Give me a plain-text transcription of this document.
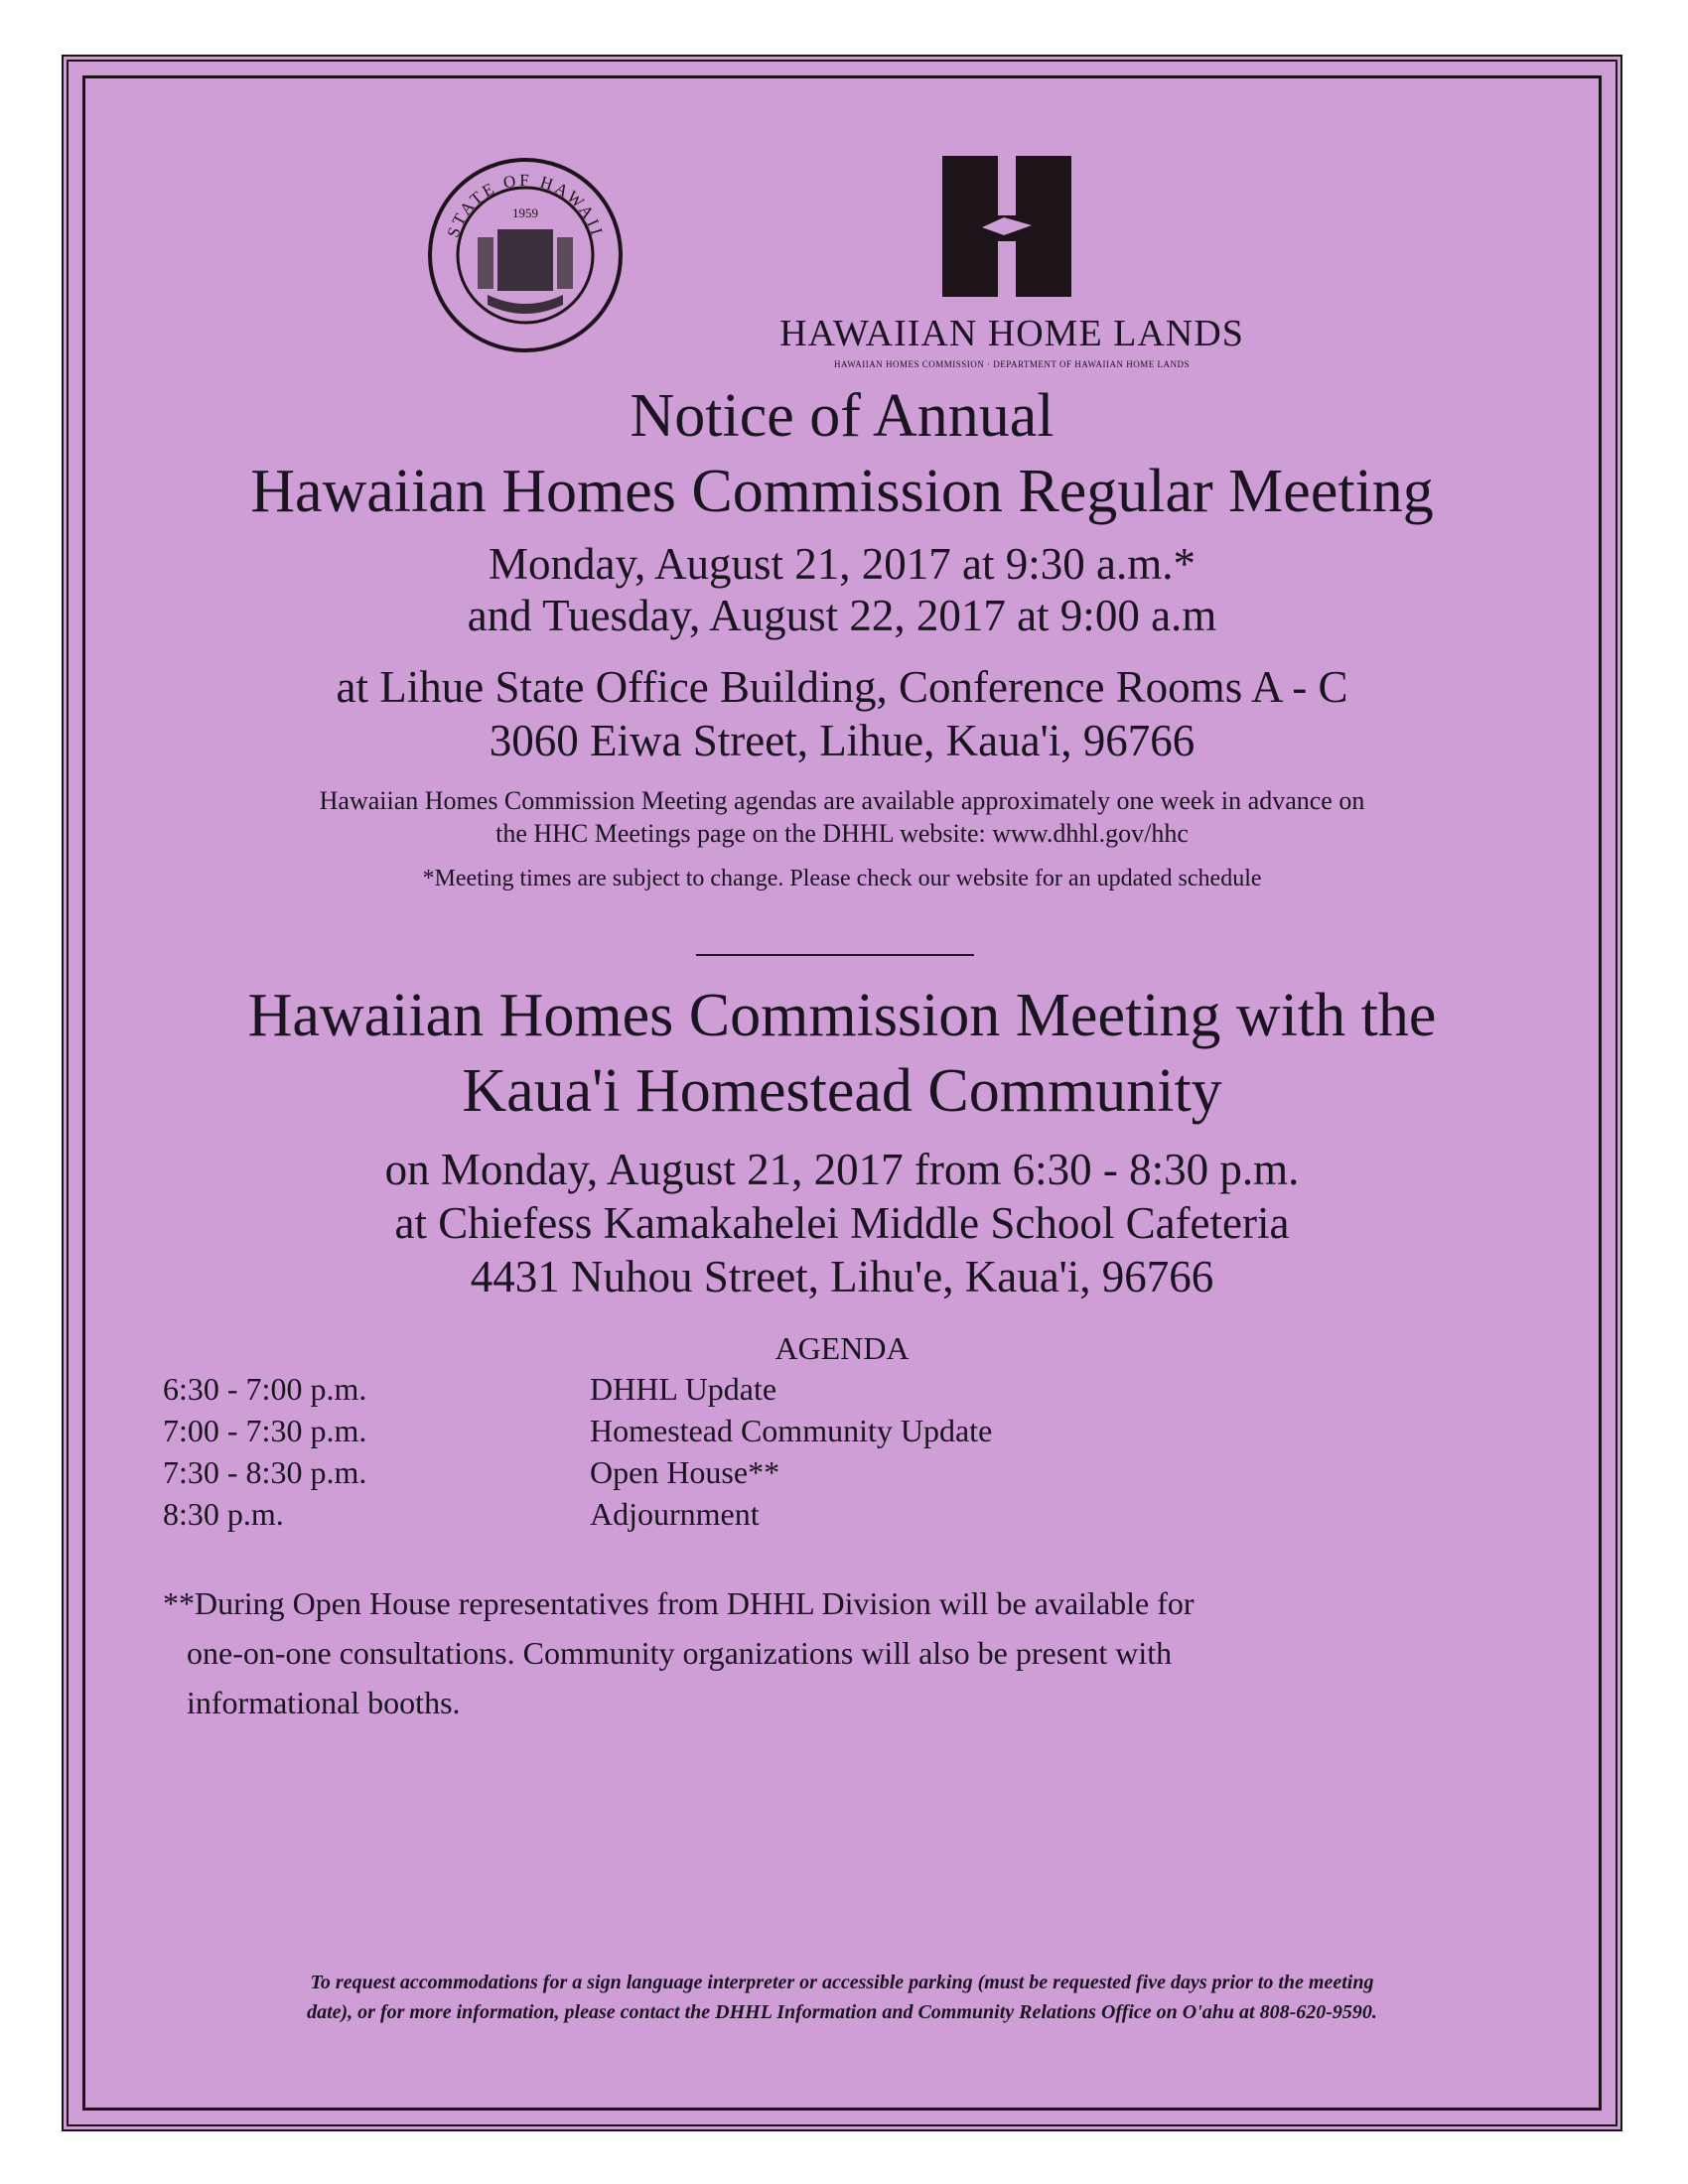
STATE OF HAWAII
1959
HAWAIIAN HOME LANDS
HAWAIIAN HOMES COMMISSION · DEPARTMENT OF HAWAIIAN HOME LANDS
Notice of Annual
Hawaiian Homes Commission Regular Meeting
Monday, August 21, 2017 at 9:30 a.m.*
and Tuesday, August 22, 2017 at 9:00 a.m
at Lihue State Office Building, Conference Rooms A - C
3060 Eiwa Street, Lihue, Kaua'i, 96766
Hawaiian Homes Commission Meeting agendas are available approximately one week in advance on
the HHC Meetings page on the DHHL website: www.dhhl.gov/hhc
*Meeting times are subject to change. Please check our website for an updated schedule
Hawaiian Homes Commission Meeting with the
Kaua'i Homestead Community
on Monday, August 21, 2017 from 6:30 - 8:30 p.m.
at Chiefess Kamakahelei Middle School Cafeteria
4431 Nuhou Street, Lihu'e, Kaua'i, 96766
AGENDA
6:30 - 7:00 p.m.	DHHL Update
7:00 - 7:30 p.m.	Homestead Community Update
7:30 - 8:30 p.m.	Open House**
8:30 p.m.	Adjournment
**During Open House representatives from DHHL Division will be available for
one-on-one consultations. Community organizations will also be present with
informational booths.
To request accommodations for a sign language interpreter or accessible parking (must be requested five days prior to the meeting
date), or for more information, please contact the DHHL Information and Community Relations Office on O'ahu at 808-620-9590.
